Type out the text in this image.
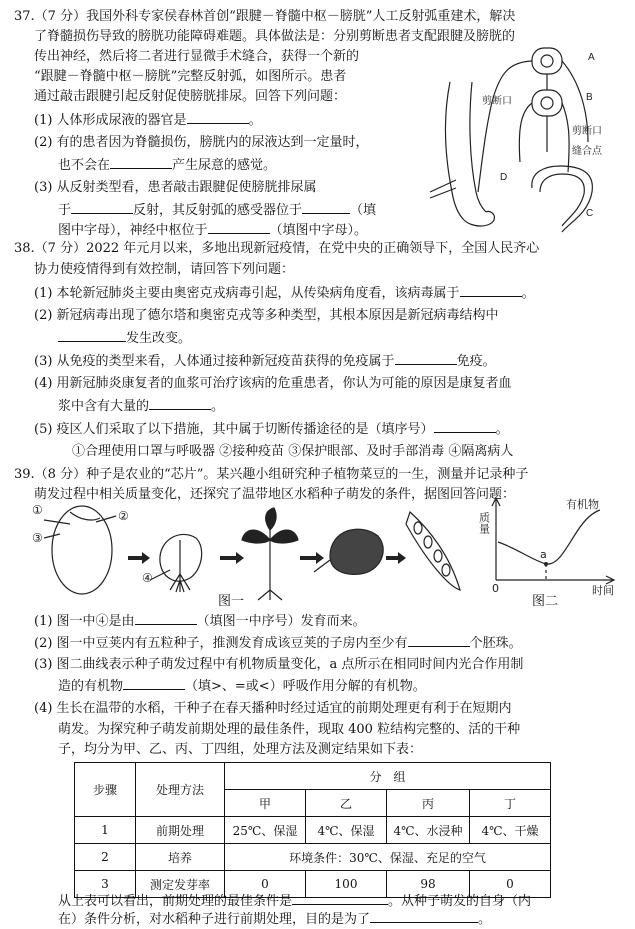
37.（7 分）我国外科专家侯春林首创“跟腱－脊髓中枢－膀胱”人工反射弧重建术，解决
了脊髓损伤导致的膀胱功能障碍难题。具体做法是：分别剪断患者支配跟腱及膀胱的
传出神经，然后将二者进行显微手术缝合，获得一个新的
“跟腱－脊髓中枢－膀胱”完整反射弧，如图所示。患者
通过敲击跟腱引起反射促使膀胱排尿。回答下列问题：
(1) 人体形成尿液的器官是	。
(2) 有的患者因为脊髓损伤，膀胱内的尿液达到一定量时，
也不会在	产生尿意的感觉。
(3) 从反射类型看，患者敲击跟腱促使膀胱排尿属
于	反射，其反射弧的感受器位于	（填
图中字母），神经中枢位于	（填图中字母）。
A
B
C
D
剪断口
剪断口
缝合点
38.（7 分）2022 年元月以来，多地出现新冠疫情，在党中央的正确领导下，全国人民齐心
协力使疫情得到有效控制，请回答下列问题：
(1) 本轮新冠肺炎主要由奥密克戎病毒引起，从传染病角度看，该病毒属于	。
(2) 新冠病毒出现了德尔塔和奥密克戎等多种类型，其根本原因是新冠病毒结构中
发生改变。
(3) 从免疫的类型来看，人体通过接种新冠疫苗获得的免疫属于	免疫。
(4) 用新冠肺炎康复者的血浆可治疗该病的危重患者，你认为可能的原因是康复者血
浆中含有大量的	。
(5) 疫区人们采取了以下措施，其中属于切断传播途径的是（填序号）	。
①合理使用口罩与呼吸器 ②接种疫苗 ③保护眼部、及时手部消毒 ④隔离病人
39.（8 分）种子是农业的“芯片”。某兴趣小组研究种子植物菜豆的一生，测量并记录种子
萌发过程中相关质量变化，还探究了温带地区水稻种子萌发的条件，据图回答问题：
①	②
③
④
图一
质量
有机物
a
时间
0
图二
(1) 图一中④是由	（填图一中序号）发育而来。
(2) 图一中豆荚内有五粒种子，推测发育成该豆荚的子房内至少有	个胚珠。
(3) 图二曲线表示种子萌发过程中有机物质量变化，a 点所示在相同时间内光合作用制
造的有机物	（填>、=或<）呼吸作用分解的有机物。
(4) 生长在温带的水稻，干种子在春天播种时经过适宜的前期处理更有利于在短期内
萌发。为探究种子萌发前期处理的最佳条件，现取 400 粒结构完整的、活的干种
子，均分为甲、乙、丙、丁四组，处理方法及测定结果如下表：
步骤	处理方法	分　组			
		甲	乙	丙	丁
1	前期处理	25℃、保湿	4℃、保湿	4℃、水浸种	4℃、干燥
2	培养	环境条件：30℃、保湿、充足的空气			
3	测定发芽率	0	100	98	0
从上表可以看出，前期处理的最佳条件是	。从种子萌发的自身（内
在）条件分析，对水稻种子进行前期处理，目的是为了	。
